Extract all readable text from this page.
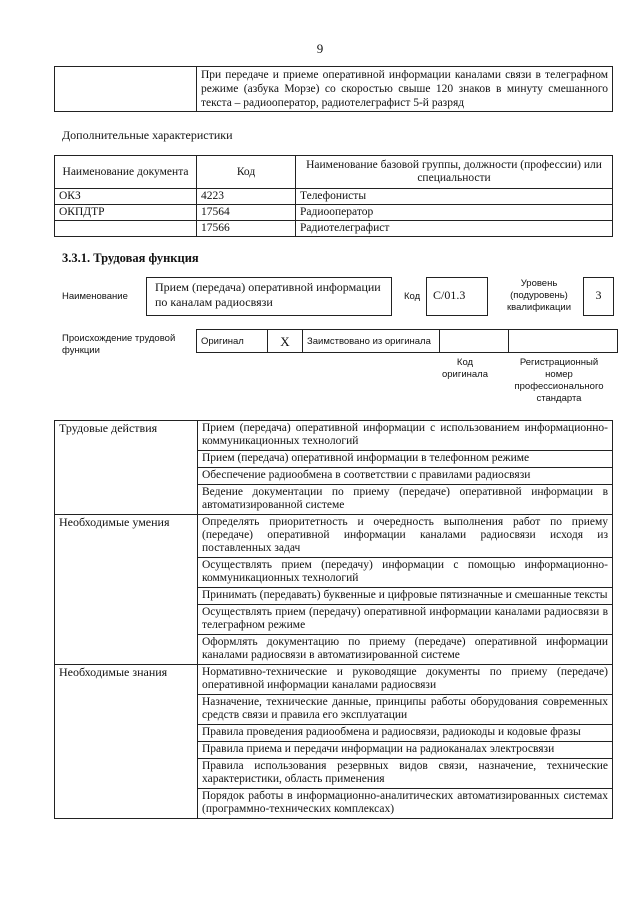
9
	При передаче и приеме оперативной информации каналами связи в телеграфном режиме (азбука Морзе) со скоростью свыше 120 знаков в минуту смешанного текста – радиооператор, радиотелеграфист 5-й разряд
Дополнительные характеристики
Наименование документа	Код	Наименование базовой группы, должности (профессии) или специальности
ОКЗ	4223	Телефонисты
ОКПДТР	17564	Радиооператор
	17566	Радиотелеграфист
3.3.1. Трудовая функция
Наименование
Прием (передача) оперативной информации по каналам радиосвязи	Код	С/01.3
Уровень (подуровень) квалификации
3
Происхождение трудовой функции
Оригинал	Х	Заимствовано из оригинала		
Код оригинала
Регистрационный номер профессионального стандарта
Трудовые действия	Прием (передача) оперативной информации с использованием информационно-коммуникационных технологий
	Прием (передача) оперативной информации в телефонном режиме
	Обеспечение радиообмена в соответствии с правилами радиосвязи
	Ведение документации по приему (передаче) оперативной информации в автоматизированной системе
Необходимые умения	Определять приоритетность и очередность выполнения работ по приему (передаче) оперативной информации каналами радиосвязи исходя из поставленных задач
	Осуществлять прием (передачу) информации с помощью информационно-коммуникационных технологий
	Принимать (передавать) буквенные и цифровые пятизначные и смешанные тексты
	Осуществлять прием (передачу) оперативной информации каналами радиосвязи в телеграфном режиме
	Оформлять документацию по приему (передаче) оперативной информации каналами радиосвязи в автоматизированной системе
Необходимые знания	Нормативно-технические и руководящие документы по приему (передаче) оперативной информации каналами радиосвязи
	Назначение, технические данные, принципы работы оборудования современных средств связи и правила его эксплуатации
	Правила проведения радиообмена и радиосвязи, радиокоды и кодовые фразы
	Правила приема и передачи информации на радиоканалах электросвязи
	Правила использования резервных видов связи, назначение, технические характеристики, область применения
	Порядок работы в информационно-аналитических автоматизированных системах (программно-технических комплексах)
